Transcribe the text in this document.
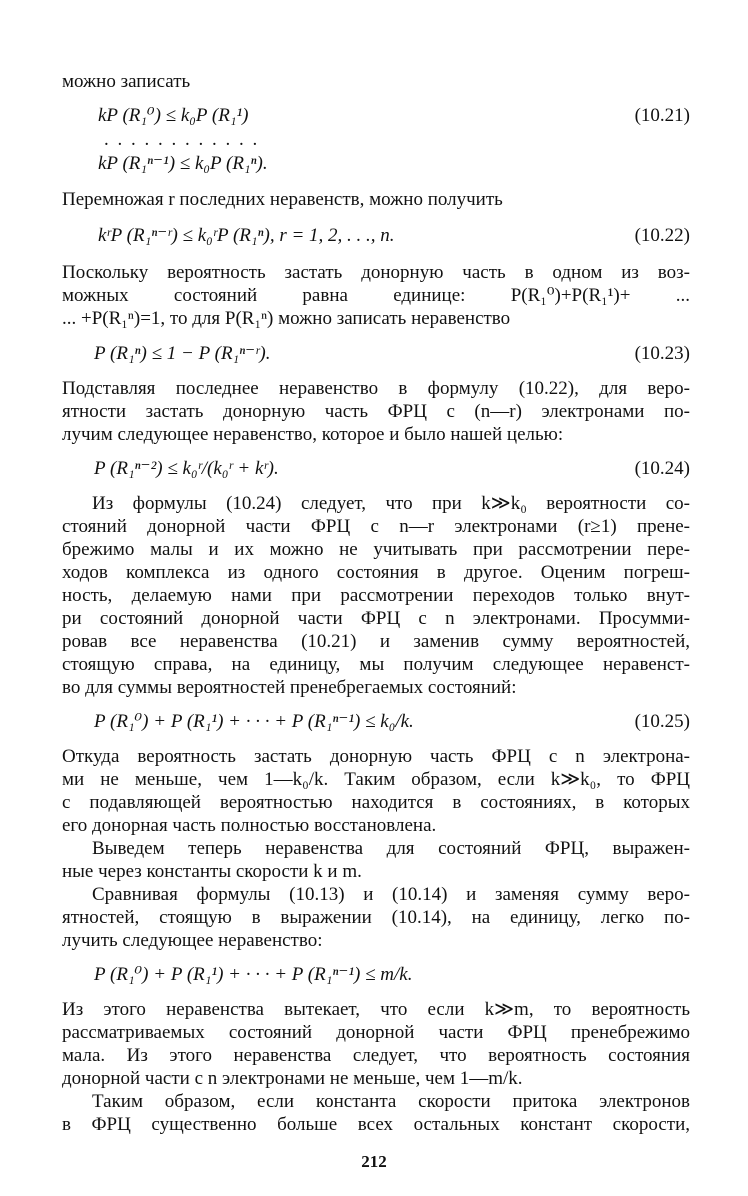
можно записать
kP (R₁⁰) ≤ k₀P (R₁¹)	(10.21)
. . . . . . . . . . . .
kP (R₁ⁿ⁻¹) ≤ k₀P (R₁ⁿ).
Перемножая r последних неравенств, можно получить
kʳP (R₁ⁿ⁻ʳ) ≤ k₀ʳP (R₁ⁿ), r = 1, 2, . . ., n.	(10.22)
Поскольку вероятность застать донорную часть в одном из воз-
можных состояний равна единице: P(R₁⁰)+P(R₁¹)+ ...
... +P(R₁ⁿ)=1, то для P(R₁ⁿ) можно записать неравенство
P (R₁ⁿ) ≤ 1 − P (R₁ⁿ⁻ʳ).	(10.23)
Подставляя последнее неравенство в формулу (10.22), для веро-
ятности застать донорную часть ФРЦ с (n—r) электронами по-
лучим следующее неравенство, которое и было нашей целью:
P (R₁ⁿ⁻²) ≤ k₀ʳ/(k₀ʳ + kʳ).	(10.24)
Из формулы (10.24) следует, что при k≫k₀ вероятности со-
стояний донорной части ФРЦ с n—r электронами (r≥1) прене-
брежимо малы и их можно не учитывать при рассмотрении пере-
ходов комплекса из одного состояния в другое. Оценим погреш-
ность, делаемую нами при рассмотрении переходов только внут-
ри состояний донорной части ФРЦ с n электронами. Просумми-
ровав все неравенства (10.21) и заменив сумму вероятностей,
стоящую справа, на единицу, мы получим следующее неравенст-
во для суммы вероятностей пренебрегаемых состояний:
P (R₁⁰) + P (R₁¹) + · · · + P (R₁ⁿ⁻¹) ≤ k₀/k.	(10.25)
Откуда вероятность застать донорную часть ФРЦ с n электрона-
ми не меньше, чем 1—k₀/k. Таким образом, если k≫k₀, то ФРЦ
с подавляющей вероятностью находится в состояниях, в которых
его донорная часть полностью восстановлена.
Выведем теперь неравенства для состояний ФРЦ, выражен-
ные через константы скорости k и m.
Сравнивая формулы (10.13) и (10.14) и заменяя сумму веро-
ятностей, стоящую в выражении (10.14), на единицу, легко по-
лучить следующее неравенство:
P (R₁⁰) + P (R₁¹) + · · · + P (R₁ⁿ⁻¹) ≤ m/k.
Из этого неравенства вытекает, что если k≫m, то вероятность
рассматриваемых состояний донорной части ФРЦ пренебрежимо
мала. Из этого неравенства следует, что вероятность состояния
донорной части с n электронами не меньше, чем 1—m/k.
Таким образом, если константа скорости притока электронов
в ФРЦ существенно больше всех остальных констант скорости,
212
